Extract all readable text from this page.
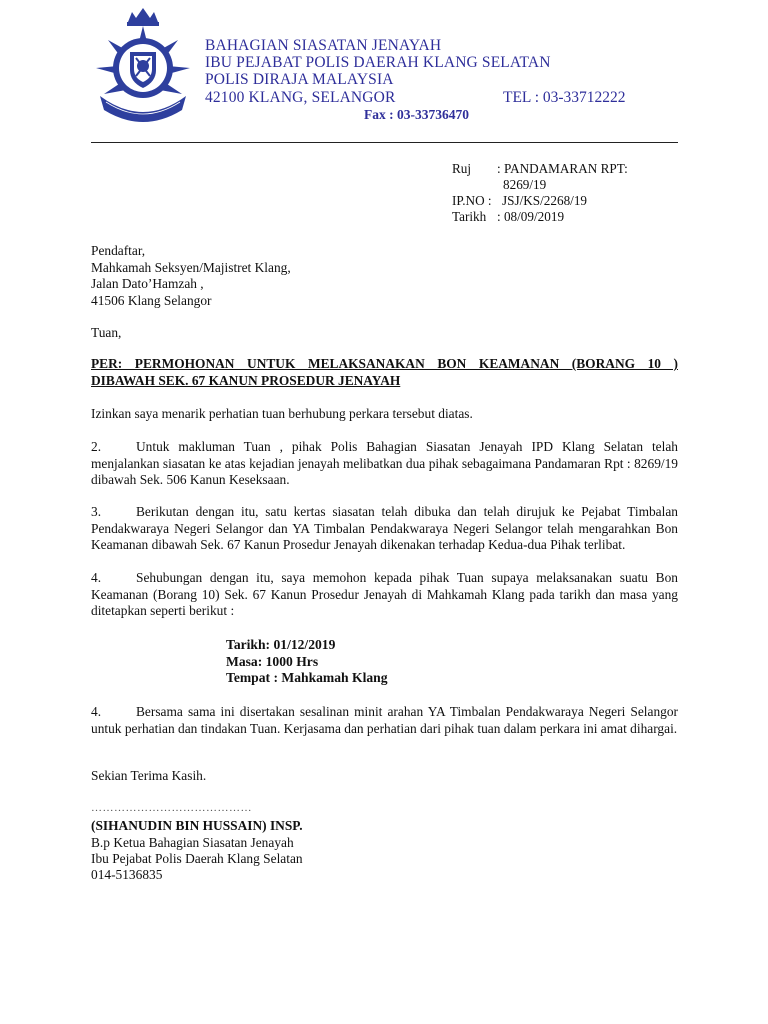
BAHAGIAN SIASATAN JENAYAH
IBU PEJABAT POLIS DAERAH KLANG SELATAN
POLIS DIRAJA MALAYSIA
42100 KLANG, SELANGOR	TEL : 03-33712222
Fax : 03-33736470
Ruj : PANDAMARAN RPT:
8269/19
IP.NO : JSJ/KS/2268/19
Tarikh : 08/09/2019
Pendaftar,
Mahkamah Seksyen/Majistret Klang,
Jalan Dato’Hamzah ,
41506 Klang Selangor
Tuan,
PER: PERMOHONAN UNTUK MELAKSANAKAN BON KEAMANAN (BORANG 10 )
DIBAWAH SEK. 67 KANUN PROSEDUR JENAYAH
Izinkan saya menarik perhatian tuan berhubung perkara tersebut diatas.
2.	Untuk makluman Tuan , pihak Polis Bahagian Siasatan Jenayah IPD Klang Selatan telah menjalankan siasatan ke atas kejadian jenayah melibatkan dua pihak sebagaimana Pandamaran Rpt : 8269/19 dibawah Sek. 506 Kanun Keseksaan.
3.	Berikutan dengan itu, satu kertas siasatan telah dibuka dan telah dirujuk ke Pejabat Timbalan Pendakwaraya Negeri Selangor dan YA Timbalan Pendakwaraya Negeri Selangor telah mengarahkan Bon Keamanan dibawah Sek. 67 Kanun Prosedur Jenayah dikenakan terhadap Kedua-dua Pihak terlibat.
4.	Sehubungan dengan itu, saya memohon kepada pihak Tuan supaya melaksanakan suatu Bon Keamanan (Borang 10) Sek. 67 Kanun Prosedur Jenayah di Mahkamah Klang pada tarikh dan masa yang ditetapkan seperti berikut :
Tarikh: 01/12/2019
Masa: 1000 Hrs
Tempat : Mahkamah Klang
4.	Bersama sama ini disertakan sesalinan minit arahan YA Timbalan Pendakwaraya Negeri Selangor untuk perhatian dan tindakan Tuan. Kerjasama dan perhatian dari pihak tuan dalam perkara ini amat dihargai.
Sekian Terima Kasih.
……………………………………
(SIHANUDIN BIN HUSSAIN) INSP.
B.p Ketua Bahagian Siasatan Jenayah
Ibu Pejabat Polis Daerah Klang Selatan
014-5136835
